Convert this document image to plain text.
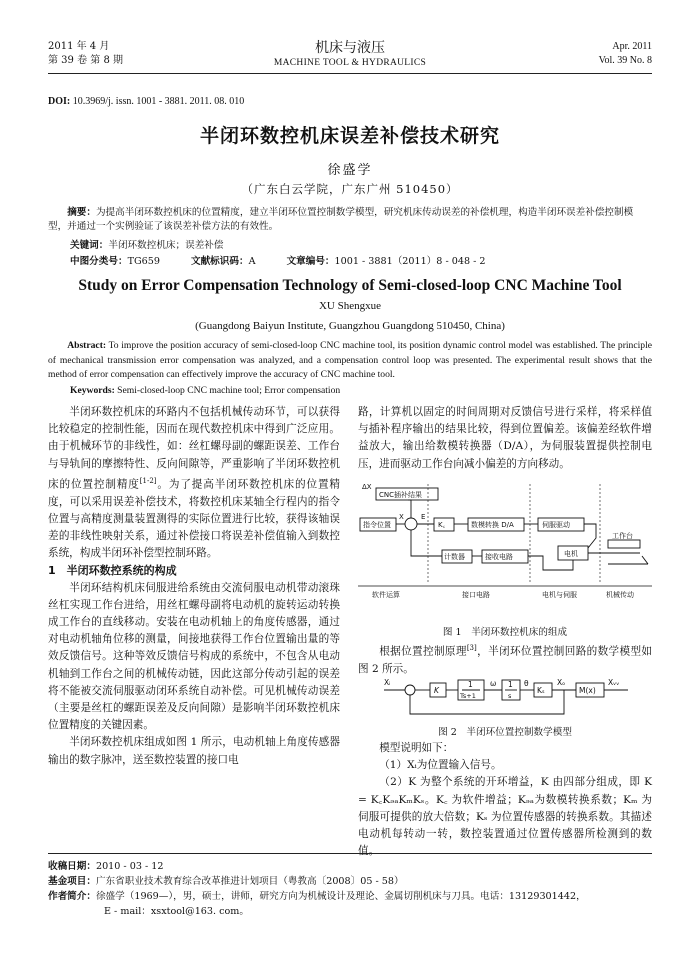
2011 年 4 月
第 39 卷 第 8 期
机床与液压
MACHINE TOOL & HYDRAULICS
Apr. 2011
Vol. 39 No. 8
DOI: 10.3969/j. issn. 1001 - 3881. 2011. 08. 010
半闭环数控机床误差补偿技术研究
徐盛学
（广东白云学院，广东广州 510450）
摘要：为提高半闭环数控机床的位置精度，建立半闭环位置控制数学模型，研究机床传动误差的补偿机理，构造半闭环误差补偿控制模型，并通过一个实例验证了该误差补偿方法的有效性。
关键词：半闭环数控机床；误差补偿
中图分类号：TG659	文献标识码：A	文章编号：1001 - 3881（2011）8 - 048 - 2
Study on Error Compensation Technology of Semi-closed-loop CNC Machine Tool
XU Shengxue
(Guangdong Baiyun Institute, Guangzhou Guangdong 510450, China)
Abstract: To improve the position accuracy of semi-closed-loop CNC machine tool, its position dynamic control model was established. The principle of mechanical transmission error compensation was analyzed, and a compensation control loop was presented. The experimental result shows that the method of error compensation can effectively improve the accuracy of CNC machine tool.
Keywords: Semi-closed-loop CNC machine tool; Error compensation

半闭环数控机床的环路内不包括机械传动环节，可以获得比较稳定的控制性能，因而在现代数控机床中得到广泛应用。由于机械环节的非线性，如：丝杠螺母副的螺距误差、工作台与导轨间的摩擦特性、反向间隙等，严重影响了半闭环数控机床的位置控制精度[1-2]。为了提高半闭环数控机床的位置精度，可以采用误差补偿技术，将数控机床某轴全行程内的指令位置与高精度测量装置测得的实际位置进行比较，获得该轴误差的非线性映射关系，通过补偿接口将误差补偿值输入到数控系统，构成半闭环补偿型控制环路。

1　半闭环数控系统的构成

半闭环结构机床伺服进给系统由交流伺服电动机带动滚珠丝杠实现工作台进给，用丝杠螺母副将电动机的旋转运动转换成工作台的直线移动。安装在电动机轴上的角度传感器，通过对电动机轴角位移的测量，间接地获得工作台位置输出量的等效反馈信号。这种等效反馈信号构成的系统中，不包含从电动机轴到工作台之间的机械传动链，因此这部分传动引起的误差将不能被交流伺服驱动闭环系统自动补偿。可见机械传动误差（主要是丝杠的螺距误差及反向间隙）是影响半闭环数控机床位置精度的关键因素。

半闭环数控机床组成如图 1 所示，电动机轴上角度传感器输出的数字脉冲，送至数控装置的接口电

路，计算机以固定的时间周期对反馈信号进行采样，将采样值与插补程序输出的结果比较，得到位置偏差。该偏差经软件增益放大，输出给数模转换器（D/A），为伺服装置提供控制电压，进而驱动工作台向减小偏差的方向移动。

ΔX
CNC插补结果
指令位置
X E
K꜀	数模转换 D/A	伺服驱动
电机
工作台
计数器	接收电路
软件运算	接口电路	电机与伺服	机械传动
图 1　半闭环数控机床的组成

根据位置控制原理[3]，半闭环位置控制回路的数学模型如图 2 所示。

Xᵢ
K
1
Ts+1
ω 1
s
θ
Kₛ
Xₒ
M(x)
Xᵥᵥ
图 2　半闭环位置控制数学模型

模型说明如下：

（1）Xᵢ为位置输入信号。

（2）K 为整个系统的开环增益，K 由四部分组成，即 K = K꜀KₔₐKₘKₛ。K꜀ 为软件增益；Kₔₐ为数模转换系数；Kₘ 为伺服可提供的放大倍数；Kₛ 为位置传感器的转换系数。其描述电动机每转动一转，数控装置通过位置传感器所检测到的数值。

收稿日期：2010 - 03 - 12
基金项目：广东省职业技术教育综合改革推进计划项目（粤教高〔2008〕05 - 58）
作者简介：徐盛学（1969—），男，硕士，讲师，研究方向为机械设计及理论、金属切削机床与刀具。电话：13129301442，
E - mail：xsxtool@163. com。
